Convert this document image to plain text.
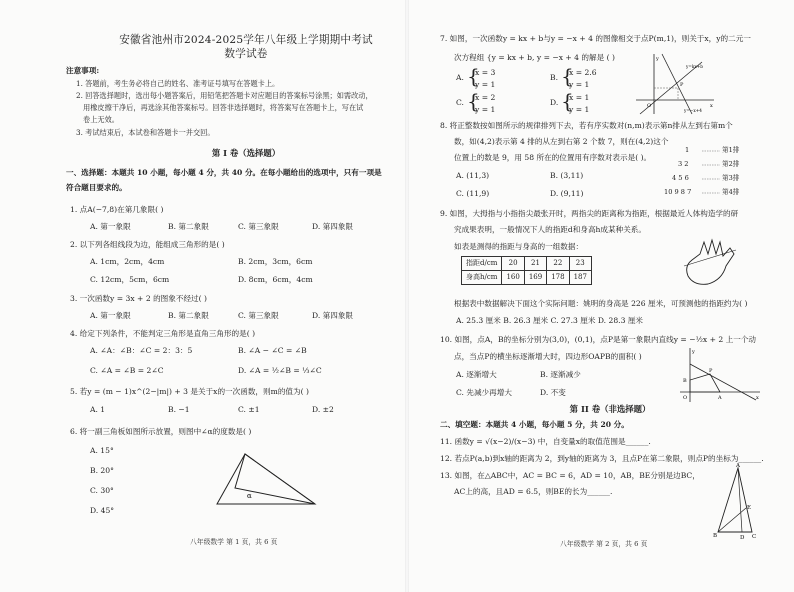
安徽省池州市2024-2025学年八年级上学期期中考试
数学试卷
注意事项:
1. 答题前，考生务必将自己的姓名、准考证号填写在答题卡上。
2. 回答选择题时，选出每小题答案后，用铅笔把答题卡对应题目的答案标号涂黑；如需改动，
用橡皮擦干净后，再选涂其他答案标号。回答非选择题时，将答案写在答题卡上，写在试
卷上无效。
3. 考试结束后，本试卷和答题卡一并交回。
第 I 卷（选择题）
一、选择题：本题共 10 小题，每小题 4 分，共 40 分。在每小题给出的选项中，只有一项是
符合题目要求的。
1. 点A(−7,8)在第几象限( )
A. 第一象限	B. 第二象限	C. 第三象限	D. 第四象限
2. 以下列各组线段为边，能组成三角形的是( )
A. 1cm，2cm，4cm	B. 2cm，3cm，6cm
C. 12cm，5cm，6cm	D. 8cm，6cm，4cm
3. 一次函数y = 3x + 2 的图象不经过( )
A. 第一象限	B. 第二象限	C. 第三象限	D. 第四象限
4. 给定下列条件，不能判定三角形是直角三角形的是( )
A. ∠A：∠B：∠C = 2：3：5	B. ∠A − ∠C = ∠B
C. ∠A = ∠B = 2∠C	D. ∠A = ½∠B = ⅓∠C
5. 若y = (m − 1)x^(2−|m|) + 3 是关于x的一次函数，则m的值为( )
A. 1	B. −1	C. ±1	D. ±2
6. 将一副三角板如图所示放置，则图中∠α的度数是( )
A. 15°
B. 20°
C. 30°
D. 45°
α
八年级数学 第 1 页，共 6 页
7. 如图，一次函数y = kx + b与y = −x + 4 的图像相交于点P(m,1)，则关于x，y的二元一
次方程组 {y = kx + b, y = −x + 4 的解是 ( )
A. {
x = 3
y = 1
B. {
x = 2.6
y = 1
C. {
x = 2
y = 1
D. {
x = 1
y = 1
P
O	x
y
y=kx+b
y=−x+4
8. 将正整数按如图所示的规律排列下去，若有序实数对(n,m)表示第n排从左到右第m个
数，如(4,2)表示第 4 排的从左到右第 2 个数 7，则在(4,2)这个
位置上的数是 9，用 58 所在的位置用有序数对表示是( )。
A. (11,3)	B. (3,11)
C. (11,9)	D. (9,11)
1
3 2
4 5 6
10 9 8 7
第1排
第2排
第3排
第4排
9. 如图，大拇指与小指指尖最张开时，两指尖的距离称为指距，根据最近人体构造学的研
究成果表明，一般情况下人的指距d和身高h成某种关系。
如表是测得的指距与身高的一组数据：
指距d/cm	20	21	22	23
身高h/cm	160	169	178	187
根据表中数据解决下面这个实际问题：姚明的身高是 226 厘米，可预测他的指距约为( )
A. 25.3 厘米 B. 26.3 厘米 C. 27.3 厘米 D. 28.3 厘米
10. 如图，点A，B的坐标分别为(3,0)，(0,1)，点P是第一象限内直线y = −½x + 2 上一个动
点，当点P的横坐标逐渐增大时，四边形OAPB的面积( )
A. 逐渐增大	B. 逐渐减少
C. 先减少再增大	D. 不变
P
B
O	A	x
y
第 II 卷（非选择题）
二、填空题：本题共 4 小题，每小题 5 分，共 20 分。
11. 函数y = √(x−2)/(x−3) 中，自变量x的取值范围是______.
12. 若点P(a,b)到x轴的距离为 2，到y轴的距离为 3，且点P在第二象限，则点P的坐标为______.
13. 如图，在△ABC中，AC = BC = 6，AD = 10，AB，BE分别是边BC，
AC上的高，且AD = 6.5，则BE的长为______.
A
B	C
D
E
八年级数学 第 2 页，共 6 页
